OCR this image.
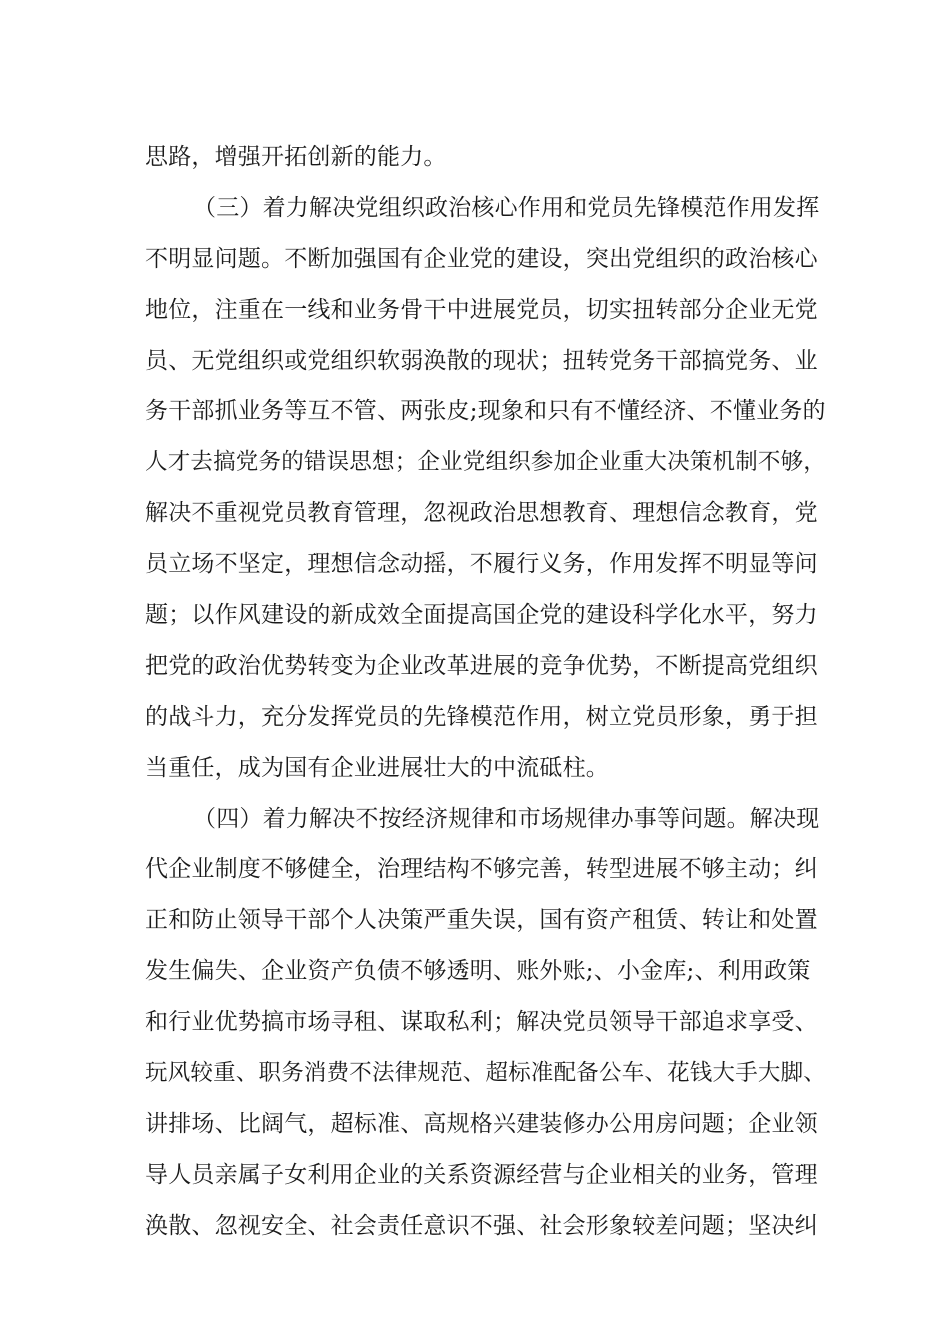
思路，增强开拓创新的能力。
（三）着力解决党组织政治核心作用和党员先锋模范作用发挥
不明显问题。不断加强国有企业党的建设，突出党组织的政治核心
地位，注重在一线和业务骨干中进展党员，切实扭转部分企业无党
员、无党组织或党组织软弱涣散的现状；扭转党务干部搞党务、业
务干部抓业务等互不管、两张皮;现象和只有不懂经济、不懂业务的
人才去搞党务的错误思想；企业党组织参加企业重大决策机制不够，
解决不重视党员教育管理，忽视政治思想教育、理想信念教育，党
员立场不坚定，理想信念动摇，不履行义务，作用发挥不明显等问
题；以作风建设的新成效全面提高国企党的建设科学化水平，努力
把党的政治优势转变为企业改革进展的竞争优势，不断提高党组织
的战斗力，充分发挥党员的先锋模范作用，树立党员形象，勇于担
当重任，成为国有企业进展壮大的中流砥柱。
（四）着力解决不按经济规律和市场规律办事等问题。解决现
代企业制度不够健全，治理结构不够完善，转型进展不够主动；纠
正和防止领导干部个人决策严重失误，国有资产租赁、转让和处置
发生偏失、企业资产负债不够透明、账外账;、小金库;、利用政策
和行业优势搞市场寻租、谋取私利；解决党员领导干部追求享受、
玩风较重、职务消费不法律规范、超标准配备公车、花钱大手大脚、
讲排场、比阔气，超标准、高规格兴建装修办公用房问题；企业领
导人员亲属子女利用企业的关系资源经营与企业相关的业务，管理
涣散、忽视安全、社会责任意识不强、社会形象较差问题；坚决纠
